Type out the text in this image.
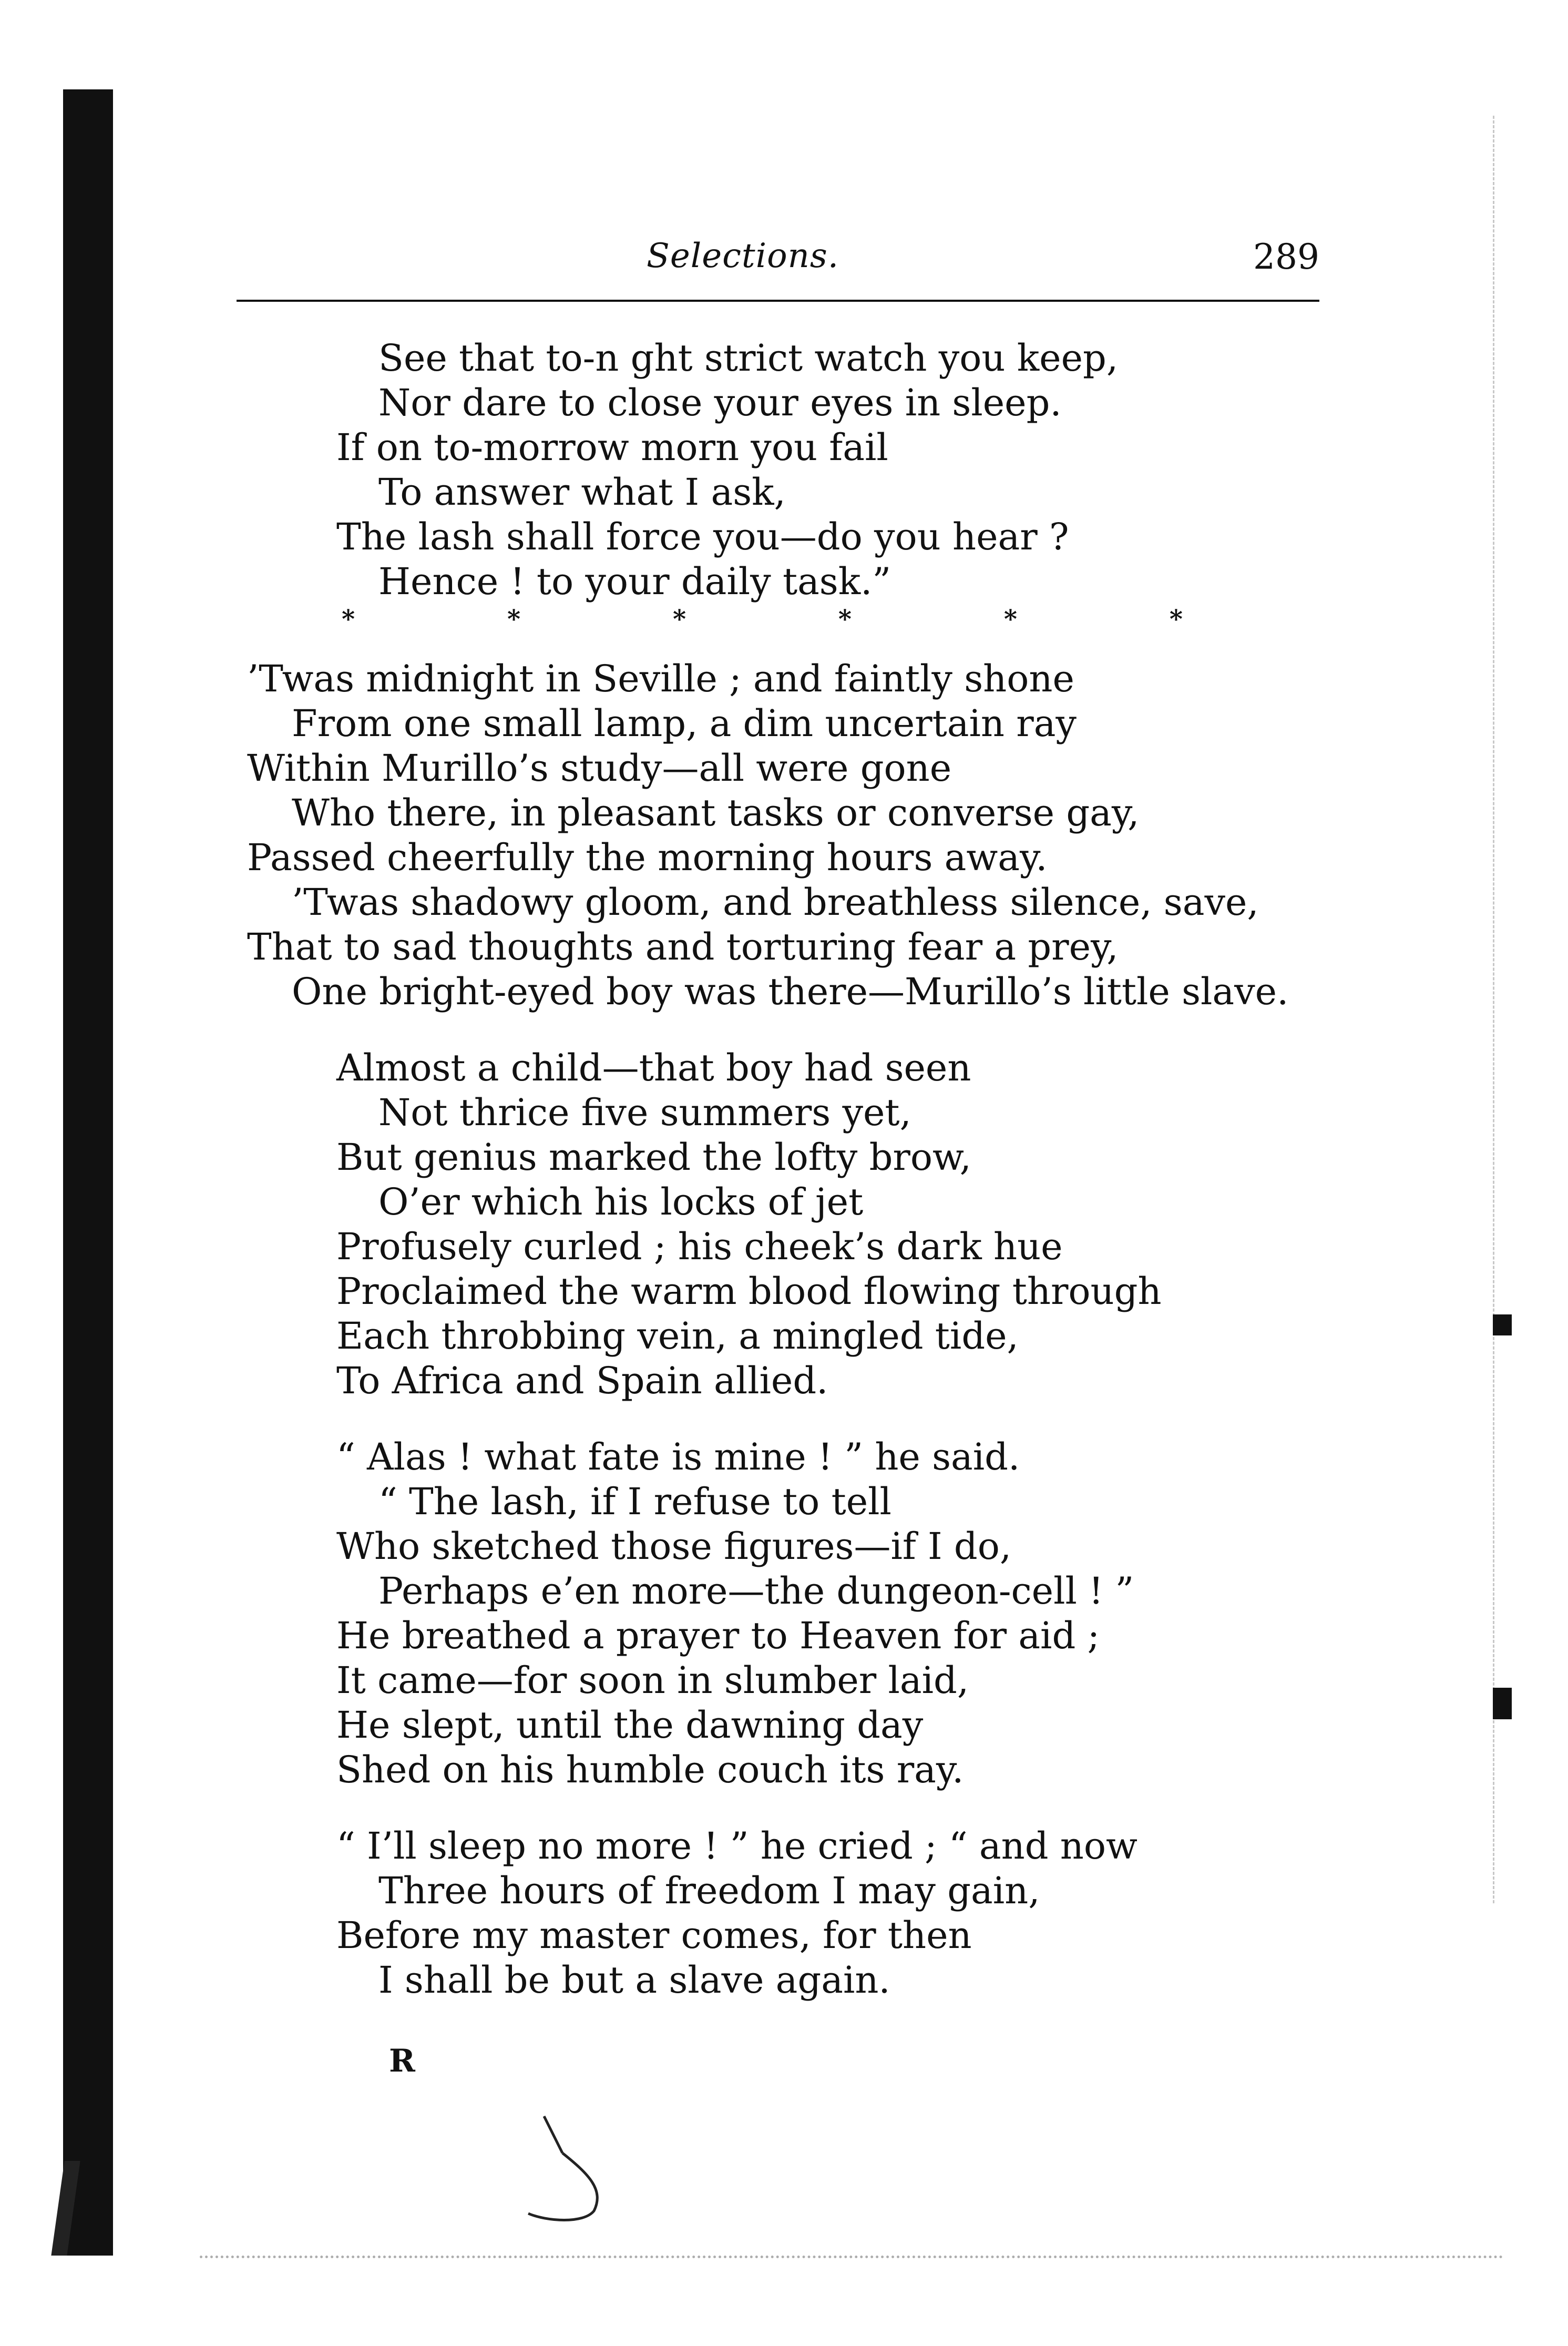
Selections.	289
See that to-n ght strict watch you keep,
Nor dare to close your eyes in sleep.
If on to-morrow morn you fail
To answer what I ask,
The lash shall force you—do you hear ?
Hence ! to your daily task.”
*	*	*	*	*	*
’Twas midnight in Seville ; and faintly shone
From one small lamp, a dim uncertain ray
Within Murillo’s study—all were gone
Who there, in pleasant tasks or converse gay,
Passed cheerfully the morning hours away.
’Twas shadowy gloom, and breathless silence, save,
That to sad thoughts and torturing fear a prey,
One bright-eyed boy was there—Murillo’s little slave.
Almost a child—that boy had seen
Not thrice five summers yet,
But genius marked the lofty brow,
O’er which his locks of jet
Profusely curled ; his cheek’s dark hue
Proclaimed the warm blood flowing through
Each throbbing vein, a mingled tide,
To Africa and Spain allied.
“ Alas ! what fate is mine ! ” he said.
“ The lash, if I refuse to tell
Who sketched those figures—if I do,
Perhaps e’en more—the dungeon-cell ! ”
He breathed a prayer to Heaven for aid ;
It came—for soon in slumber laid,
He slept, until the dawning day
Shed on his humble couch its ray.
“ I’ll sleep no more ! ” he cried ; “ and now
Three hours of freedom I may gain,
Before my master comes, for then
I shall be but a slave again.
R
